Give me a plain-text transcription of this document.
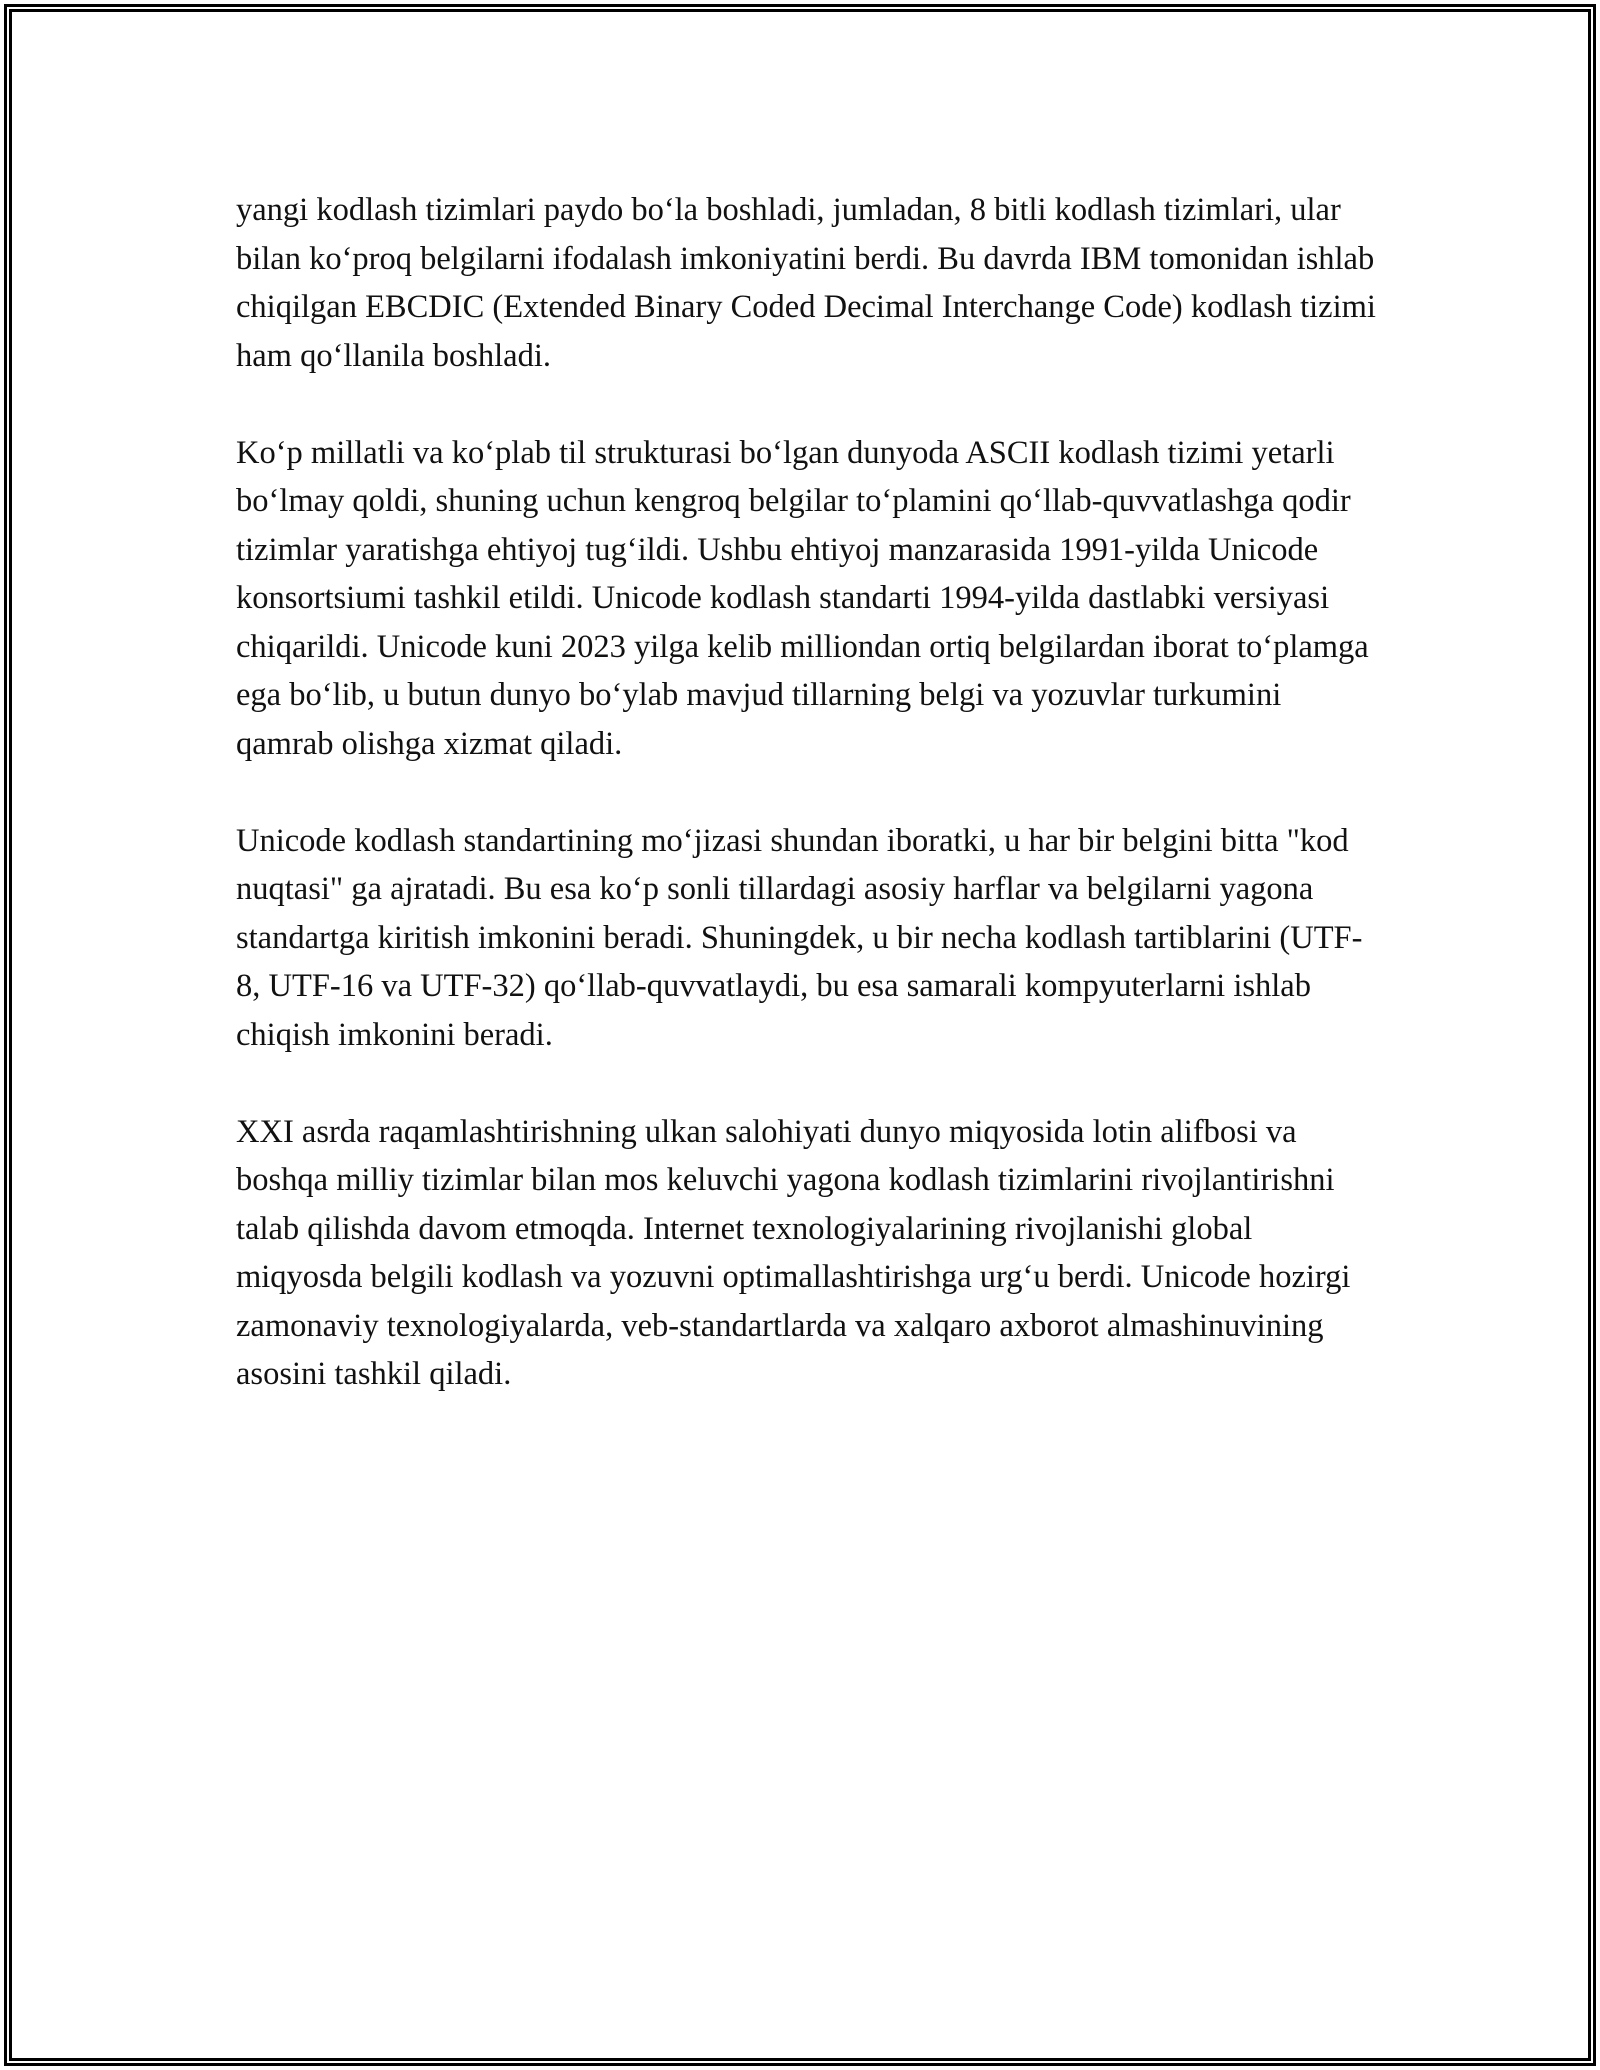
yangi kodlash tizimlari paydo bo‘la boshladi, jumladan, 8 bitli kodlash tizimlari, ular bilan ko‘proq belgilarni ifodalash imkoniyatini berdi. Bu davrda IBM tomonidan ishlab chiqilgan EBCDIC (Extended Binary Coded Decimal Interchange Code) kodlash tizimi ham qo‘llanila boshladi.

Ko‘p millatli va ko‘plab til strukturasi bo‘lgan dunyoda ASCII kodlash tizimi yetarli bo‘lmay qoldi, shuning uchun kengroq belgilar to‘plamini qo‘llab-quvvatlashga qodir tizimlar yaratishga ehtiyoj tug‘ildi. Ushbu ehtiyoj manzarasida 1991-yilda Unicode konsortsiumi tashkil etildi. Unicode kodlash standarti 1994-yilda dastlabki versiyasi chiqarildi. Unicode kuni 2023 yilga kelib milliondan ortiq belgilardan iborat to‘plamga ega bo‘lib, u butun dunyo bo‘ylab mavjud tillarning belgi va yozuvlar turkumini qamrab olishga xizmat qiladi.

Unicode kodlash standartining mo‘jizasi shundan iboratki, u har bir belgini bitta "kod nuqtasi" ga ajratadi. Bu esa ko‘p sonli tillardagi asosiy harflar va belgilarni yagona standartga kiritish imkonini beradi. Shuningdek, u bir necha kodlash tartiblarini (UTF-8, UTF-16 va UTF-32) qo‘llab-quvvatlaydi, bu esa samarali kompyuterlarni ishlab chiqish imkonini beradi.

XXI asrda raqamlashtirishning ulkan salohiyati dunyo miqyosida lotin alifbosi va boshqa milliy tizimlar bilan mos keluvchi yagona kodlash tizimlarini rivojlantirishni talab qilishda davom etmoqda. Internet texnologiyalarining rivojlanishi global miqyosda belgili kodlash va yozuvni optimallashtirishga urg‘u berdi. Unicode hozirgi zamonaviy texnologiyalarda, veb-standartlarda va xalqaro axborot almashinuvining asosini tashkil qiladi.
